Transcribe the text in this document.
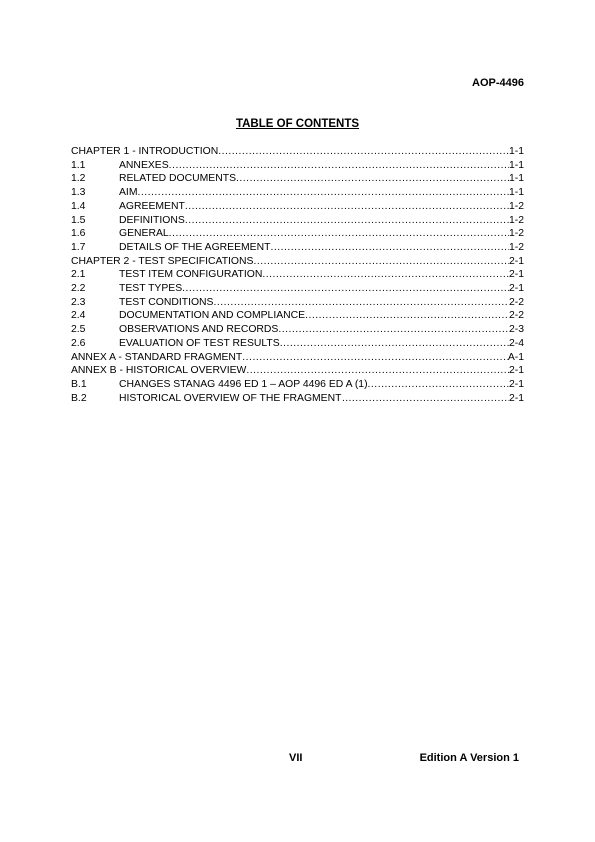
AOP-4496
TABLE OF CONTENTS
CHAPTER 1 - INTRODUCTION .....	1-1
1.1	ANNEXES .....	1-1
1.2	RELATED DOCUMENTS .....	1-1
1.3	AIM .....	1-1
1.4	AGREEMENT .....	1-2
1.5	DEFINITIONS .....	1-2
1.6	GENERAL .....	1-2
1.7	DETAILS OF THE AGREEMENT .....	1-2
CHAPTER 2 - TEST SPECIFICATIONS .....	2-1
2.1	TEST ITEM CONFIGURATION .....	2-1
2.2	TEST TYPES .....	2-1
2.3	TEST CONDITIONS .....	2-2
2.4	DOCUMENTATION AND COMPLIANCE .....	2-2
2.5	OBSERVATIONS AND RECORDS .....	2-3
2.6	EVALUATION OF TEST RESULTS .....	2-4
ANNEX A - STANDARD FRAGMENT .....	A-1
ANNEX B - HISTORICAL OVERVIEW .....	2-1
B.1	CHANGES STANAG 4496 ED 1 – AOP 4496 ED A (1) .....	2-1
B.2	HISTORICAL OVERVIEW OF THE FRAGMENT… .....	2-1
VII	Edition A Version 1
